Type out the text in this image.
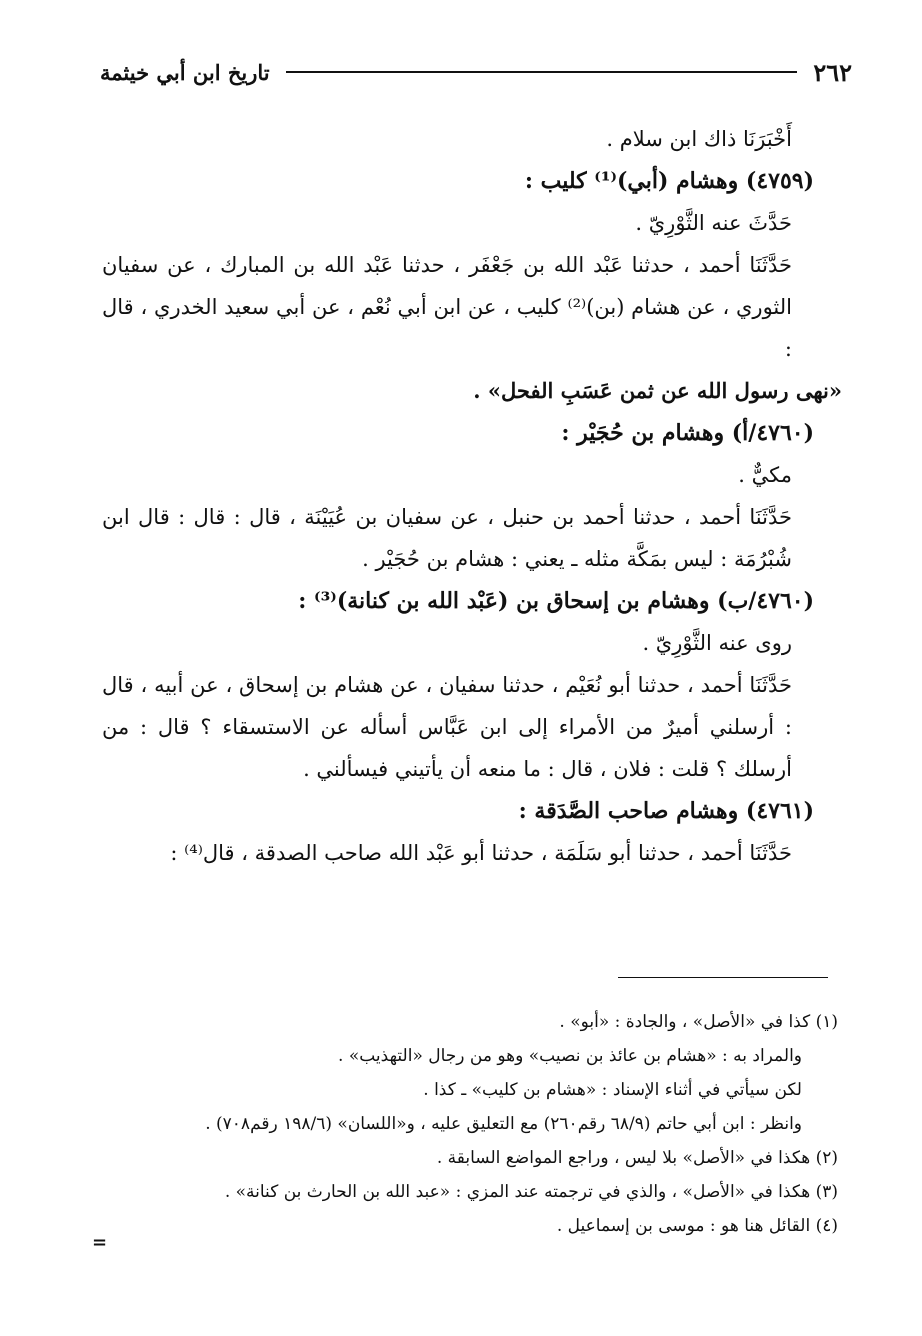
٢٦٢
تاريخ ابن أبي خيثمة

أَخْبَرَنَا ذاك ابن سلام .

(٤٧٥٩) وهشام (أبي)⁽¹⁾ كليب :

حَدَّثَ عنه الثَّوْرِيّ .

حَدَّثَنَا أحمد ، حدثنا عَبْد الله بن جَعْفَر ، حدثنا عَبْد الله بن المبارك ، عن سفيان الثوري ، عن هشام (بن)⁽²⁾ كليب ، عن ابن أبي نُعْم ، عن أبي سعيد الخدري ، قال :

«نهى رسول الله عن ثمن عَسَبِ الفحل» .

(٤٧٦٠/أ) وهشام بن حُجَيْر :

مكيٌّ .

حَدَّثَنَا أحمد ، حدثنا أحمد بن حنبل ، عن سفيان بن عُيَيْنَة ، قال : قال : قال ابن شُبْرُمَة : ليس بمَكَّة مثله ـ يعني : هشام بن حُجَيْر .

(٤٧٦٠/ب) وهشام بن إسحاق بن (عَبْد الله بن كنانة)⁽³⁾ :

روى عنه الثَّوْرِيّ .

حَدَّثَنَا أحمد ، حدثنا أبو نُعَيْم ، حدثنا سفيان ، عن هشام بن إسحاق ، عن أبيه ، قال : أرسلني أميرٌ من الأمراء إلى ابن عَبَّاس أسأله عن الاستسقاء ؟ قال : من أرسلك ؟ قلت : فلان ، قال : ما منعه أن يأتيني فيسألني .

(٤٧٦١) وهشام صاحب الصَّدَقة :

حَدَّثَنَا أحمد ، حدثنا أبو سَلَمَة ، حدثنا أبو عَبْد الله صاحب الصدقة ، قال⁽⁴⁾ :

(١) كذا في «الأصل» ، والجادة : «أبو» .

والمراد به : «هشام بن عائذ بن نصيب» وهو من رجال «التهذيب» .

لكن سيأتي في أثناء الإسناد : «هشام بن كليب» ـ كذا .

وانظر : ابن أبي حاتم (٦٨/٩ رقم٢٦٠) مع التعليق عليه ، و«اللسان» (١٩٨/٦ رقم٧٠٨) .

(٢) هكذا في «الأصل» بلا ليس ، وراجع المواضع السابقة .

(٣) هكذا في «الأصل» ، والذي في ترجمته عند المزي : «عبد الله بن الحارث بن كنانة» .

(٤) القائل هنا هو : موسى بن إسماعيل .

=
